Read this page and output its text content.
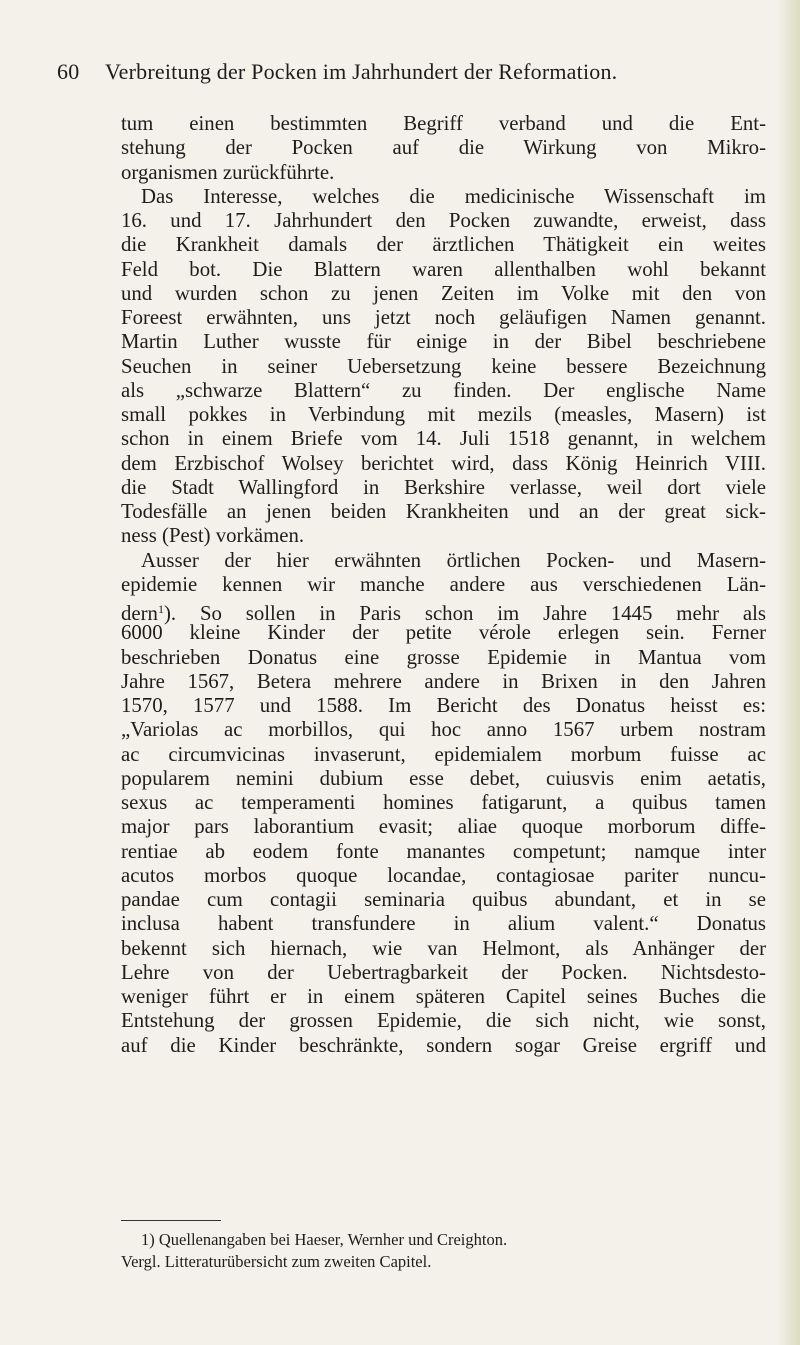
60 Verbreitung der Pocken im Jahrhundert der Reformation.
tum einen bestimmten Begriff verband und die Ent-
stehung der Pocken auf die Wirkung von Mikro-
organismen zurückführte.
Das Interesse, welches die medicinische Wissenschaft im
16. und 17. Jahrhundert den Pocken zuwandte, erweist, dass
die Krankheit damals der ärztlichen Thätigkeit ein weites
Feld bot. Die Blattern waren allenthalben wohl bekannt
und wurden schon zu jenen Zeiten im Volke mit den von
Foreest erwähnten, uns jetzt noch geläufigen Namen genannt.
Martin Luther wusste für einige in der Bibel beschriebene
Seuchen in seiner Uebersetzung keine bessere Bezeichnung
als „schwarze Blattern“ zu finden. Der englische Name
small pokkes in Verbindung mit mezils (measles, Masern) ist
schon in einem Briefe vom 14. Juli 1518 genannt, in welchem
dem Erzbischof Wolsey berichtet wird, dass König Heinrich VIII.
die Stadt Wallingford in Berkshire verlasse, weil dort viele
Todesfälle an jenen beiden Krankheiten und an der great sick-
ness (Pest) vorkämen.
Ausser der hier erwähnten örtlichen Pocken- und Masern-
epidemie kennen wir manche andere aus verschiedenen Län-
dern$^1$). So sollen in Paris schon im Jahre 1445 mehr als
6000 kleine Kinder der petite vérole erlegen sein. Ferner
beschrieben Donatus eine grosse Epidemie in Mantua vom
Jahre 1567, Betera mehrere andere in Brixen in den Jahren
1570, 1577 und 1588. Im Bericht des Donatus heisst es:
„Variolas ac morbillos, qui hoc anno 1567 urbem nostram
ac circumvicinas invaserunt, epidemialem morbum fuisse ac
popularem nemini dubium esse debet, cuiusvis enim aetatis,
sexus ac temperamenti homines fatigarunt, a quibus tamen
major pars laborantium evasit; aliae quoque morborum diffe-
rentiae ab eodem fonte manantes competunt; namque inter
acutos morbos quoque locandae, contagiosae pariter nuncu-
pandae cum contagii seminaria quibus abundant, et in se
inclusa habent transfundere in alium valent.“ Donatus
bekennt sich hiernach, wie van Helmont, als Anhänger der
Lehre von der Uebertragbarkeit der Pocken. Nichtsdesto-
weniger führt er in einem späteren Capitel seines Buches die
Entstehung der grossen Epidemie, die sich nicht, wie sonst,
auf die Kinder beschränkte, sondern sogar Greise ergriff und
1) Quellenangaben bei Haeser, Wernher und Creighton.
Vergl. Litteraturübersicht zum zweiten Capitel.
